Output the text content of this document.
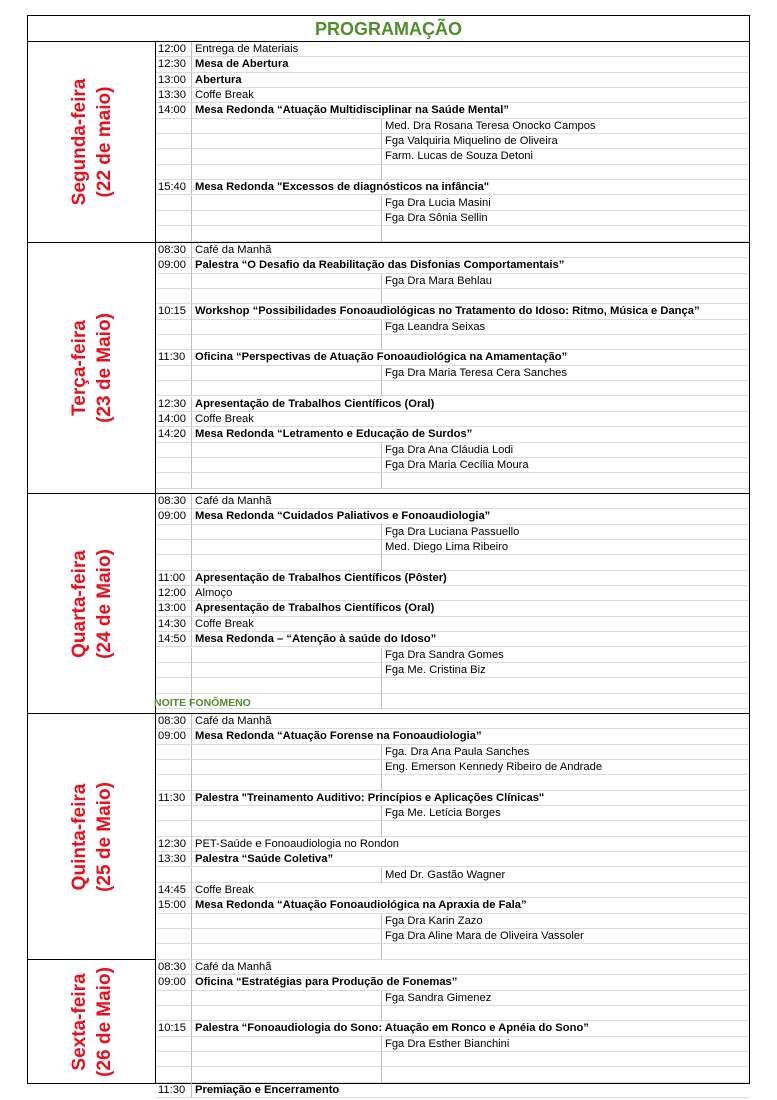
PROGRAMAÇÃO
Segunda-feira (22 de maio)
12:00 Entrega de Materiais
12:30 Mesa de Abertura
13:00 Abertura
13:30 Coffe Break
14:00 Mesa Redonda “Atuação Multidisciplinar na Saúde Mental”
Med. Dra Rosana Teresa Onocko Campos
Fga Valquiria Miquelino de Oliveira
Farm. Lucas de Souza Detoni
15:40 Mesa Redonda "Excessos de diagnósticos na infância"
Fga Dra Lucia Masini
Fga Dra Sônia Sellin
Terça-feira (23 de Maio)
08:30 Café da Manhã
09:00 Palestra “O Desafio da Reabilitação das Disfonias Comportamentais”
Fga Dra Mara Behlau
10:15 Workshop “Possibilidades Fonoaudiológicas no Tratamento do Idoso: Ritmo, Música e Dança”
Fga Leandra Seixas
11:30 Oficina “Perspectivas de Atuação Fonoaudiológica na Amamentação”
Fga Dra Maria Teresa Cera Sanches
12:30 Apresentação de Trabalhos Científicos (Oral)
14:00 Coffe Break
14:20 Mesa Redonda “Letramento e Educação de Surdos”
Fga Dra Ana Cláudia Lodi
Fga Dra Maria Cecília Moura
Quarta-feira (24 de Maio)
08:30 Café da Manhã
09:00 Mesa Redonda “Cuidados Paliativos e Fonoaudiologia”
Fga Dra Luciana Passuello
Med. Diego Lima Ribeiro
11:00 Apresentação de Trabalhos Científicos (Pôster)
12:00 Almoço
13:00 Apresentação de Trabalhos Científicos (Oral)
14:30 Coffe Break
14:50 Mesa Redonda – “Atenção à saúde do Idoso”
Fga Dra Sandra Gomes
Fga Me. Cristina Biz
NOITE FONÔMENO
Quinta-feira (25 de Maio)
08:30 Café da Manhã
09:00 Mesa Redonda “Atuação Forense na Fonoaudiologia”
Fga. Dra Ana Paula Sanches
Eng. Emerson Kennedy Ribeiro de Andrade
11:30 Palestra "Treinamento Auditivo: Princípios e Aplicações Clínicas"
Fga Me. Letícia Borges
12:30 PET-Saúde e Fonoaudiologia no Rondon
13:30 Palestra “Saúde Coletiva”
Med Dr. Gastão Wagner
14:45 Coffe Break
15:00 Mesa Redonda “Atuação Fonoaudiológica na Apraxia de Fala”
Fga Dra Karin Zazo
Fga Dra Aline Mara de Oliveira Vassoler
Sexta-feira (26 de Maio)
08:30 Café da Manhã
09:00 Oficina “Estratégias para Produção de Fonemas”
Fga Sandra Gimenez
10:15 Palestra “Fonoaudiologia do Sono: Atuação em Ronco e Apnéia do Sono”
Fga Dra Esther Bianchini
11:30 Premiação e Encerramento
